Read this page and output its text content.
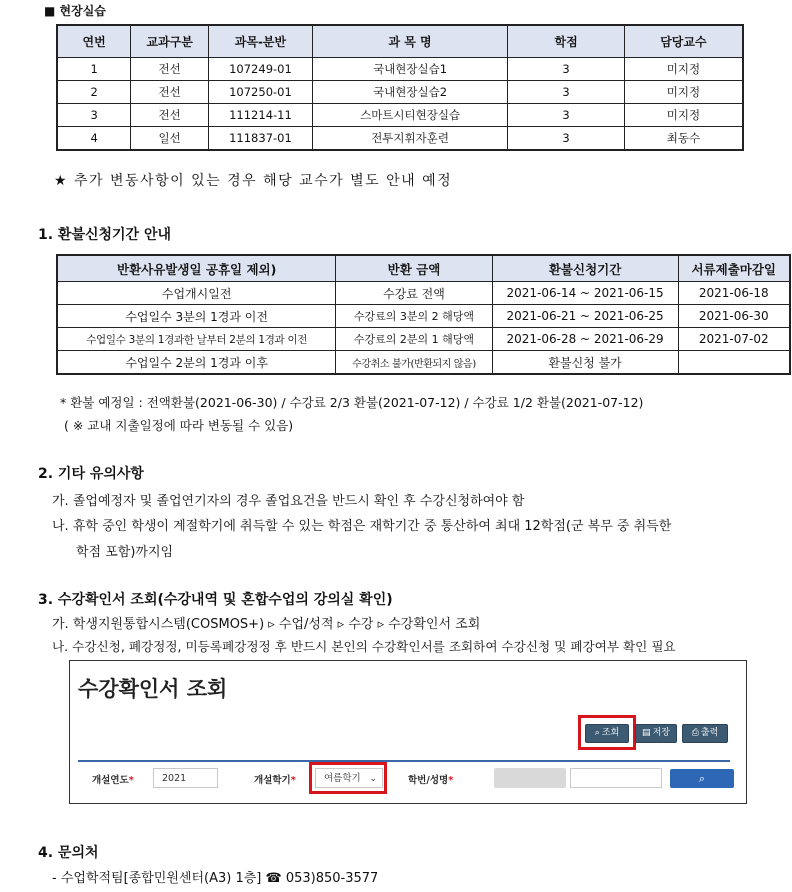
■ 현장실습
연번	교과구분	과목-분반	과 목 명	학점	담당교수
1	전선	107249-01	국내현장실습1	3	미지정
2	전선	107250-01	국내현장실습2	3	미지정
3	전선	111214-11	스마트시티현장실습	3	미지정
4	일선	111837-01	전투지휘자훈련	3	최동수
★ 추가 변동사항이 있는 경우 해당 교수가 별도 안내 예정
1. 환불신청기간 안내
반환사유발생일 공휴일 제외)	반환 금액	환불신청기간	서류제출마감일
수업개시일전	수강료 전액	2021-06-14 ~ 2021-06-15	2021-06-18
수업일수 3분의 1경과 이전	수강료의 3분의 2 해당액	2021-06-21 ~ 2021-06-25	2021-06-30
수업일수 3분의 1경과한 날부터 2분의 1경과 이전	수강료의 2분의 1 해당액	2021-06-28 ~ 2021-06-29	2021-07-02
수업일수 2분의 1경과 이후	수강취소 불가(반환되지 않음)	환불신청 불가	
* 환불 예정일 : 전액환불(2021-06-30) / 수강료 2/3 환불(2021-07-12) / 수강료 1/2 환불(2021-07-12)
( ※ 교내 지출일정에 따라 변동될 수 있음)
2. 기타 유의사항
가. 졸업예정자 및 졸업연기자의 경우 졸업요건을 반드시 확인 후 수강신청하여야 함
나. 휴학 중인 학생이 계절학기에 취득할 수 있는 학점은 재학기간 중 통산하여 최대 12학점(군 복무 중 취득한
학점 포함)까지임
3. 수강확인서 조회(수강내역 및 혼합수업의 강의실 확인)
가. 학생지원통합시스템(COSMOS+) ▹ 수업/성적 ▹ 수강 ▹ 수강확인서 조회
나. 수강신청, 폐강정정, 미등록폐강정정 후 반드시 본인의 수강확인서를 조회하여 수강신청 및 폐강여부 확인 필요
수강확인서 조회
⌕ 조회	▤ 저장	⎙ 출력
개설연도*	2021	개설학기*	여름학기 ⌄	학번/성명*	⌕
4. 문의처
- 수업학적팀[종합민원센터(A3) 1층] ☎ 053)850-3577
